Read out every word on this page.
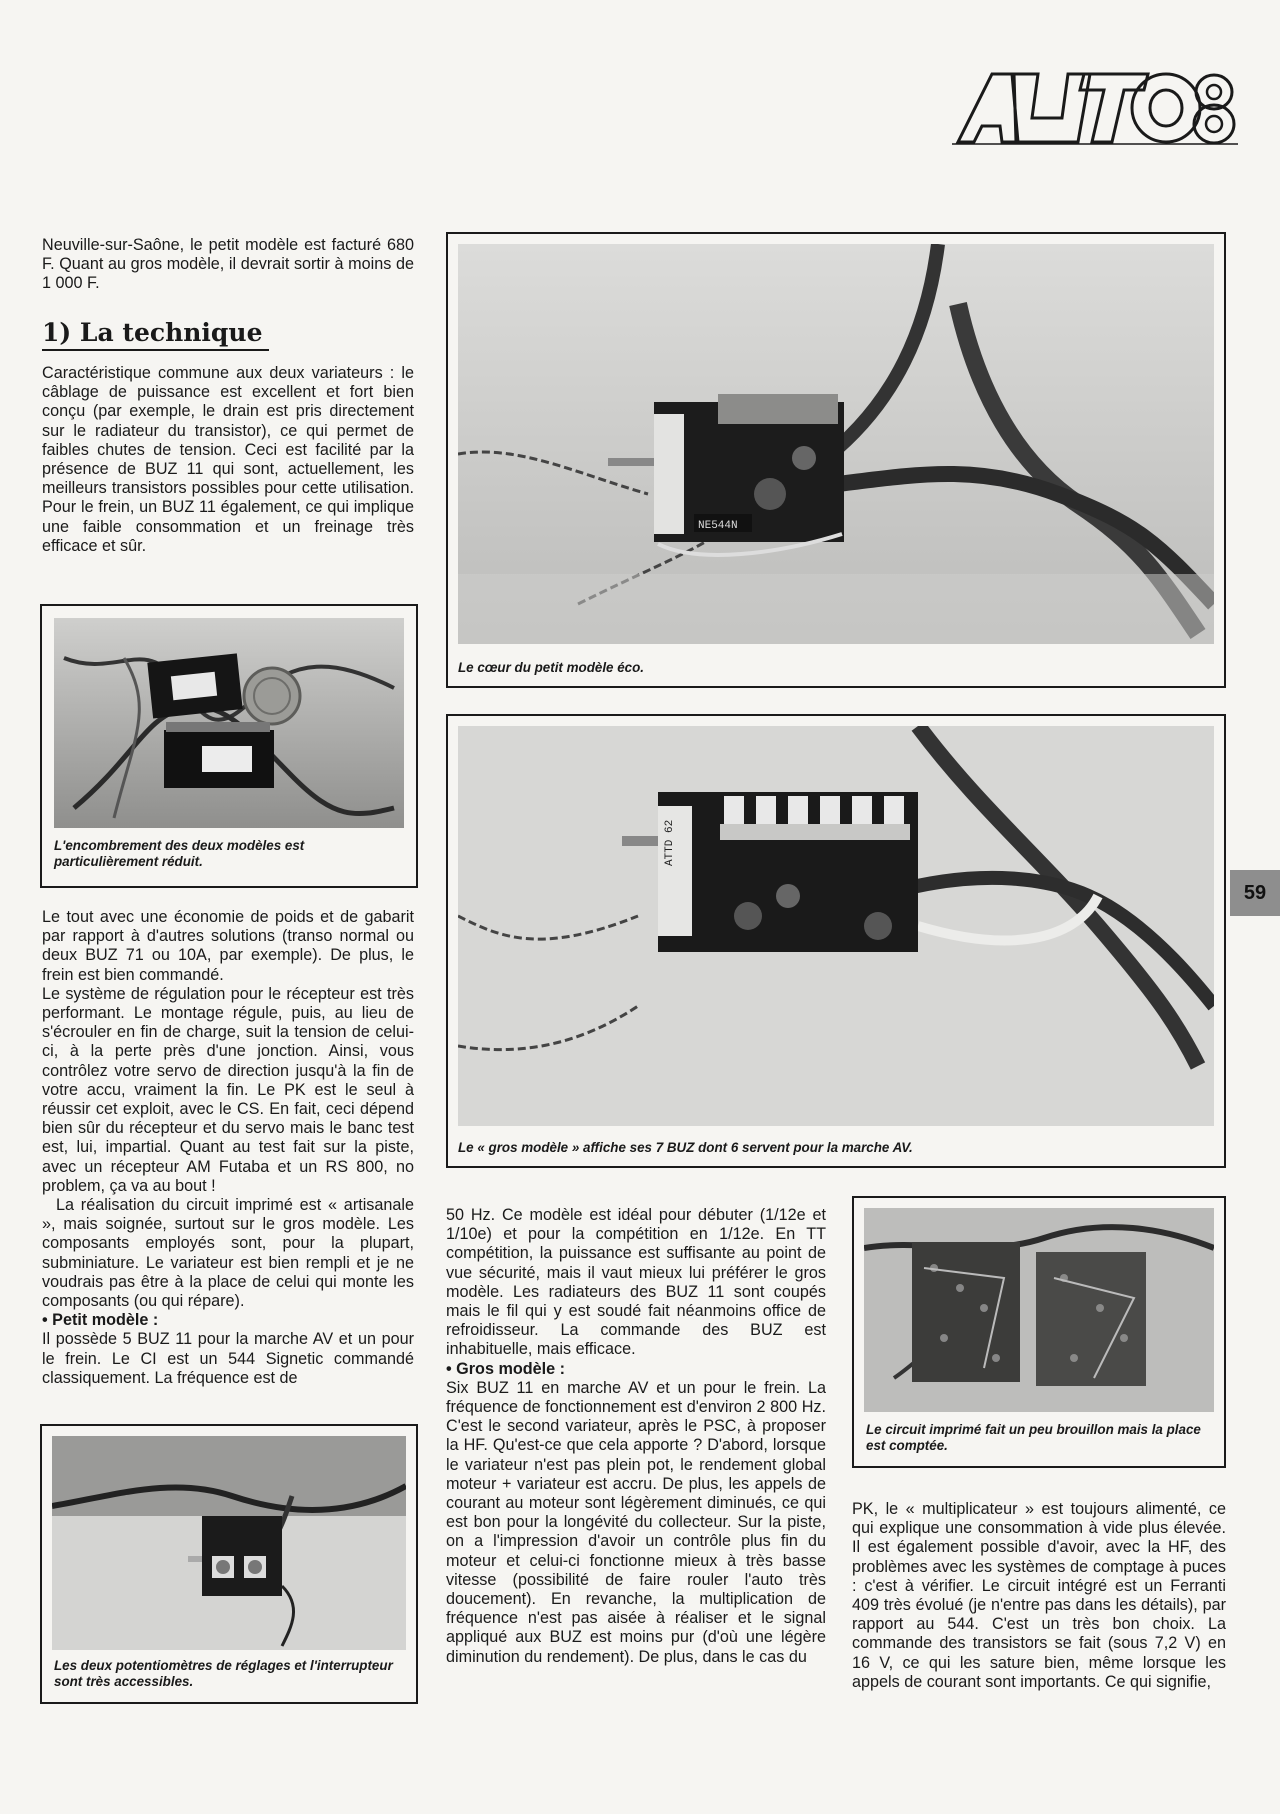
Neuville-sur-Saône, le petit modèle est facturé 680 F. Quant au gros modèle, il devrait sortir à moins de 1 000 F.

1) La technique

Caractéristique commune aux deux variateurs : le câblage de puissance est excellent et fort bien conçu (par exemple, le drain est pris directement sur le radiateur du transistor), ce qui permet de faibles chutes de tension. Ceci est facilité par la présence de BUZ 11 qui sont, actuellement, les meilleurs transistors possibles pour cette utilisation. Pour le frein, un BUZ 11 également, ce qui implique une faible consommation et un freinage très efficace et sûr.

L'encombrement des deux modèles est particulièrement réduit.

Le tout avec une économie de poids et de gabarit par rapport à d'autres solutions (transo normal ou deux BUZ 71 ou 10A, par exemple). De plus, le frein est bien commandé.

Le système de régulation pour le récepteur est très performant. Le montage régule, puis, au lieu de s'écrouler en fin de charge, suit la tension de celui-ci, à la perte près d'une jonction. Ainsi, vous contrôlez votre servo de direction jusqu'à la fin de votre accu, vraiment la fin. Le PK est le seul à réussir cet exploit, avec le CS. En fait, ceci dépend bien sûr du récepteur et du servo mais le banc test est, lui, impartial. Quant au test fait sur la piste, avec un récepteur AM Futaba et un RS 800, no problem, ça va au bout !

La réalisation du circuit imprimé est « artisanale », mais soignée, surtout sur le gros modèle. Les composants employés sont, pour la plupart, subminiature. Le variateur est bien rempli et je ne voudrais pas être à la place de celui qui monte les composants (ou qui répare).

• Petit modèle :

Il possède 5 BUZ 11 pour la marche AV et un pour le frein. Le CI est un 544 Signetic commandé classiquement. La fréquence est de

Les deux potentiomètres de réglages et l'interrupteur sont très accessibles.

NE544N

Le cœur du petit modèle éco.

ATTD 62

Le « gros modèle » affiche ses 7 BUZ dont 6 servent pour la marche AV.

50 Hz. Ce modèle est idéal pour débuter (1/12e et 1/10e) et pour la compétition en 1/12e. En TT compétition, la puissance est suffisante au point de vue sécurité, mais il vaut mieux lui préférer le gros modèle. Les radiateurs des BUZ 11 sont coupés mais le fil qui y est soudé fait néanmoins office de refroidisseur. La commande des BUZ est inhabituelle, mais efficace.

• Gros modèle :

Six BUZ 11 en marche AV et un pour le frein. La fréquence de fonctionnement est d'environ 2 800 Hz. C'est le second variateur, après le PSC, à proposer la HF. Qu'est-ce que cela apporte ? D'abord, lorsque le variateur n'est pas plein pot, le rendement global moteur + variateur est accru. De plus, les appels de courant au moteur sont légèrement diminués, ce qui est bon pour la longévité du collecteur. Sur la piste, on a l'impression d'avoir un contrôle plus fin du moteur et celui-ci fonctionne mieux à très basse vitesse (possibilité de faire rouler l'auto très doucement). En revanche, la multiplication de fréquence n'est pas aisée à réaliser et le signal appliqué aux BUZ est moins pur (d'où une légère diminution du rendement). De plus, dans le cas du

Le circuit imprimé fait un peu brouillon mais la place est comptée.

PK, le « multiplicateur » est toujours alimenté, ce qui explique une consommation à vide plus élevée. Il est également possible d'avoir, avec la HF, des problèmes avec les systèmes de comptage à puces : c'est à vérifier. Le circuit intégré est un Ferranti 409 très évolué (je n'entre pas dans les détails), par rapport au 544. C'est un très bon choix. La commande des transistors se fait (sous 7,2 V) en 16 V, ce qui les sature bien, même lorsque les appels de courant sont importants. Ce qui signifie,

59
